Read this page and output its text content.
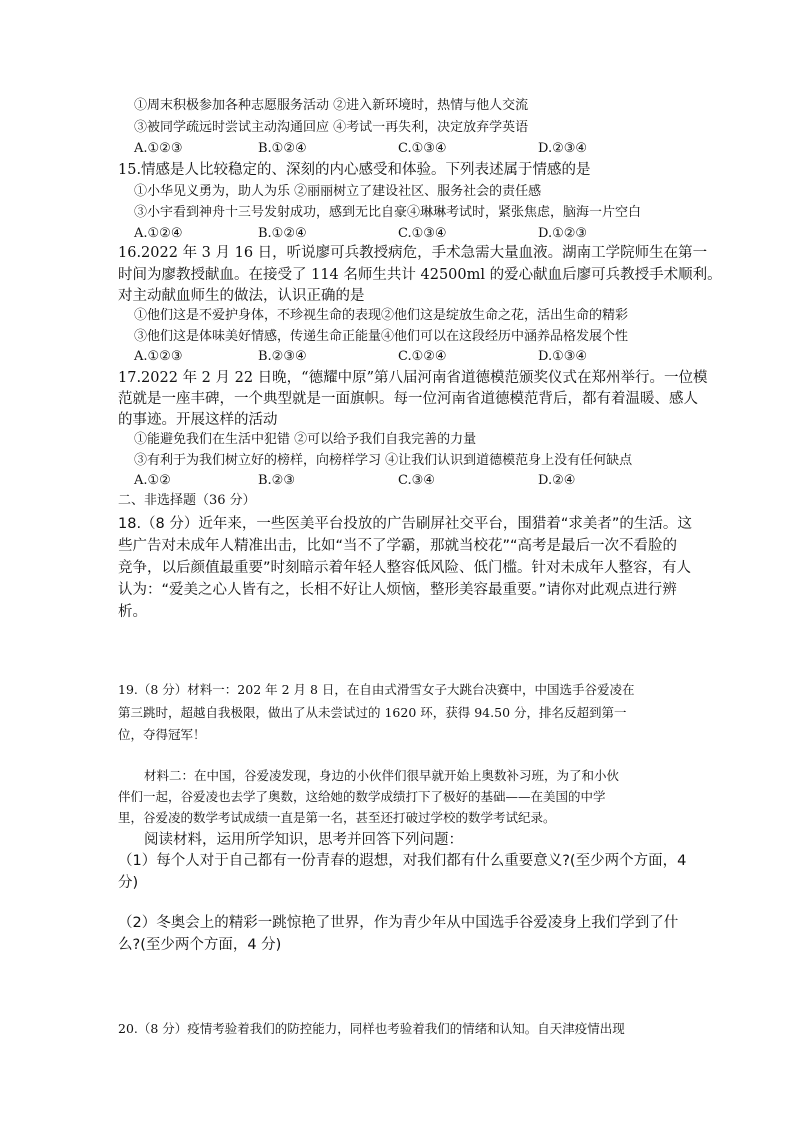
①周末积极参加各种志愿服务活动 ②进入新环境时，热情与他人交流
③被同学疏远时尝试主动沟通回应 ④考试一再失利，决定放弃学英语
A.①②③	B.①②④	C.①③④	D.②③④
15.情感是人比较稳定的、深刻的内心感受和体验。下列表述属于情感的是
①小华见义勇为，助人为乐 ②丽丽树立了建设社区、服务社会的责任感
③小宇看到神舟十三号发射成功，感到无比自豪④琳琳考试时，紧张焦虑，脑海一片空白
A.①②④	B.①②④	C.①③④	D.①②③
16.2022 年 3 月 16 日，听说廖可兵教授病危，手术急需大量血液。湖南工学院师生在第一
时间为廖教授献血。在接受了 114 名师生共计 42500ml 的爱心献血后廖可兵教授手术顺利。
对主动献血师生的做法，认识正确的是
①他们这是不爱护身体，不珍视生命的表现②他们这是绽放生命之花，活出生命的精彩
③他们这是体味美好情感，传递生命正能量④他们可以在这段经历中涵养品格发展个性
A.①②③	B.②③④	C.①②④	D.①③④
17.2022 年 2 月 22 日晚，“德耀中原”第八届河南省道德模范颁奖仪式在郑州举行。一位模
范就是一座丰碑，一个典型就是一面旗帜。每一位河南省道德模范背后，都有着温暖、感人
的事迹。开展这样的活动
①能避免我们在生活中犯错 ②可以给予我们自我完善的力量
③有利于为我们树立好的榜样，向榜样学习 ④让我们认识到道德模范身上没有任何缺点
A.①②	B.②③	C.③④	D.②④
二、非选择题（36 分）
18.（8 分）近年来，一些医美平台投放的广告刷屏社交平台，围猎着“求美者”的生活。这
些广告对未成年人精准出击，比如“当不了学霸，那就当校花”“高考是最后一次不看脸的
竞争，以后颜值最重要”时刻暗示着年轻人整容低风险、低门槛。针对未成年人整容，有人
认为：“爱美之心人皆有之，长相不好让人烦恼，整形美容最重要。”请你对此观点进行辨
析。
19.（8 分）材料一：202 年 2 月 8 日，在自由式滑雪女子大跳台决赛中，中国选手谷爱凌在
第三跳时，超越自我极限，做出了从未尝试过的 1620 环，获得 94.50 分，排名反超到第一
位，夺得冠军！
材料二：在中国，谷爱凌发现，身边的小伙伴们很早就开始上奥数补习班，为了和小伙
伴们一起，谷爱凌也去学了奥数，这给她的数学成绩打下了极好的基础——在美国的中学
里，谷爱凌的数学考试成绩一直是第一名，甚至还打破过学校的数学考试纪录。
阅读材料，运用所学知识，思考并回答下列问题：
（1）每个人对于自己都有一份青春的遐想，对我们都有什么重要意义?(至少两个方面，4
分)
（2）冬奥会上的精彩一跳惊艳了世界，作为青少年从中国选手谷爱凌身上我们学到了什
么?(至少两个方面，4 分)
20.（8 分）疫情考验着我们的防控能力，同样也考验着我们的情绪和认知。自天津疫情出现
